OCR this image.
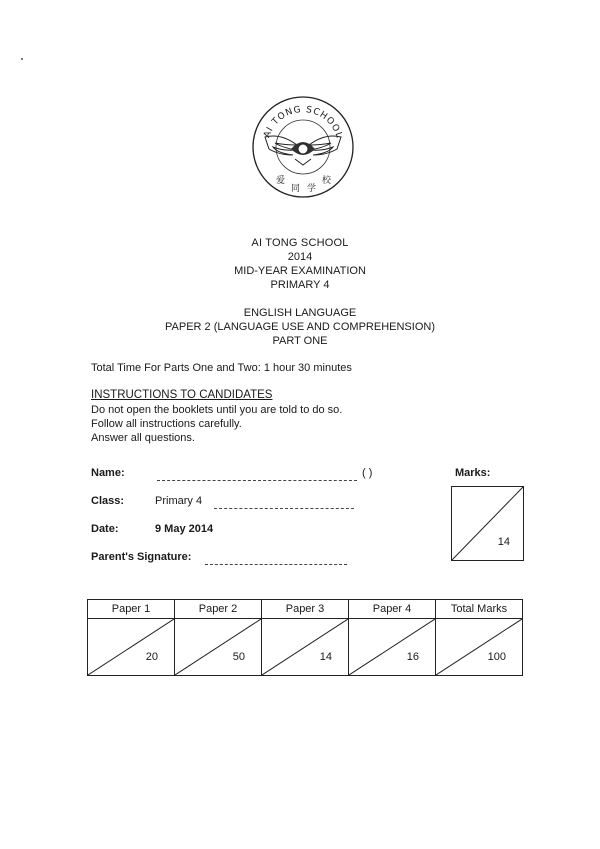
AI TONG SCHOOL
爱
同 学
校
AI TONG SCHOOL
2014
MID-YEAR EXAMINATION
PRIMARY 4
ENGLISH LANGUAGE
PAPER 2 (LANGUAGE USE AND COMPREHENSION)
PART ONE
Total Time For Parts One and Two: 1 hour 30 minutes
INSTRUCTIONS TO CANDIDATES
Do not open the booklets until you are told to do so.
Follow all instructions carefully.
Answer all questions.
Name:	( )
Class:	Primary 4
Date:	9 May 2014
Parent's Signature:
Marks:
14
Paper 1	Paper 2	Paper 3	Paper 4	Total Marks

20	50	14	16	100
